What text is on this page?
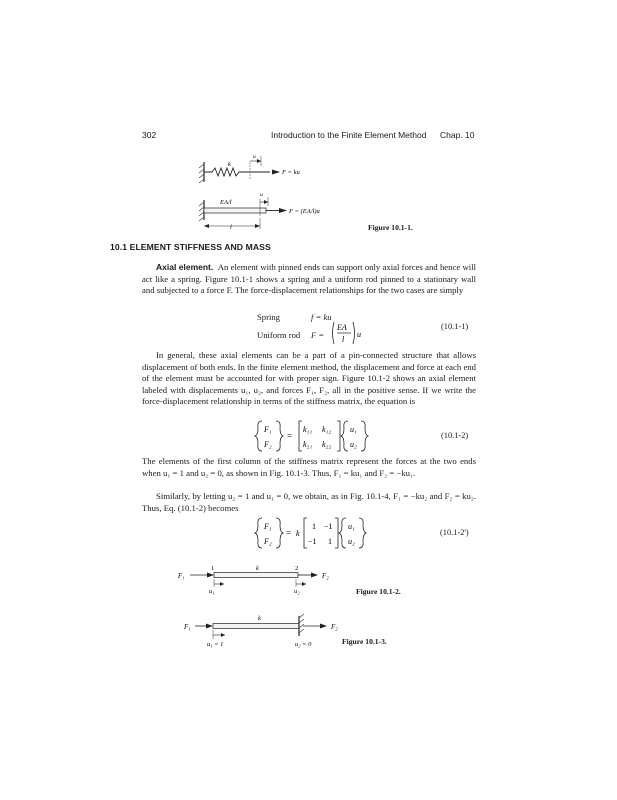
302	Introduction to the Finite Element Method Chap. 10
k
u
F = ku
EA/l
u
F = (EA/l)u
l	Figure 10.1-1.
10.1 ELEMENT STIFFNESS AND MASS

Axial element. An element with pinned ends can support only axial forces and hence will act like a spring. Figure 10.1-1 shows a spring and a uniform rod pinned to a stationary wall and subjected to a force F. The force-displacement relationships for the two cases are simply

Spring	f = ku
Uniform rod F =
EA
l
u
(10.1-1)

In general, these axial elements can be a part of a pin-connected structure that allows displacement of both ends. In the finite element method, the displacement and force at each end of the element must be accounted for with proper sign. Figure 10.1-2 shows an axial element labeled with displacements u₁, u₂, and forces F₁, F₂, all in the positive sense. If we write the force-displacement relationship in terms of the stiffness matrix, the equation is

F₁
F₂
=
k₁₁ k₁₂
k₂₁ k₂₂
u₁
u₂
(10.1-2)

The elements of the first column of the stiffness matrix represent the forces at the two ends when u₁ = 1 and u₂ = 0, as shown in Fig. 10.1-3. Thus, F₁ = ku₁ and F₂ = −ku₁.

Similarly, by letting u₂ = 1 and u₁ = 0, we obtain, as in Fig. 10.1-4, F₁ = −ku₂ and F₂ = ku₂. Thus, Eq. (10.1-2) becomes

F₁
F₂
= k
1 −1
−1 1
u₁
u₂
(10.1-2')
F₁
1	k	2
F₂
u₁	u₂	Figure 10.1-2.
F₁
k
F₂
u₁ = 1	u₂ = 0	Figure 10.1-3.
